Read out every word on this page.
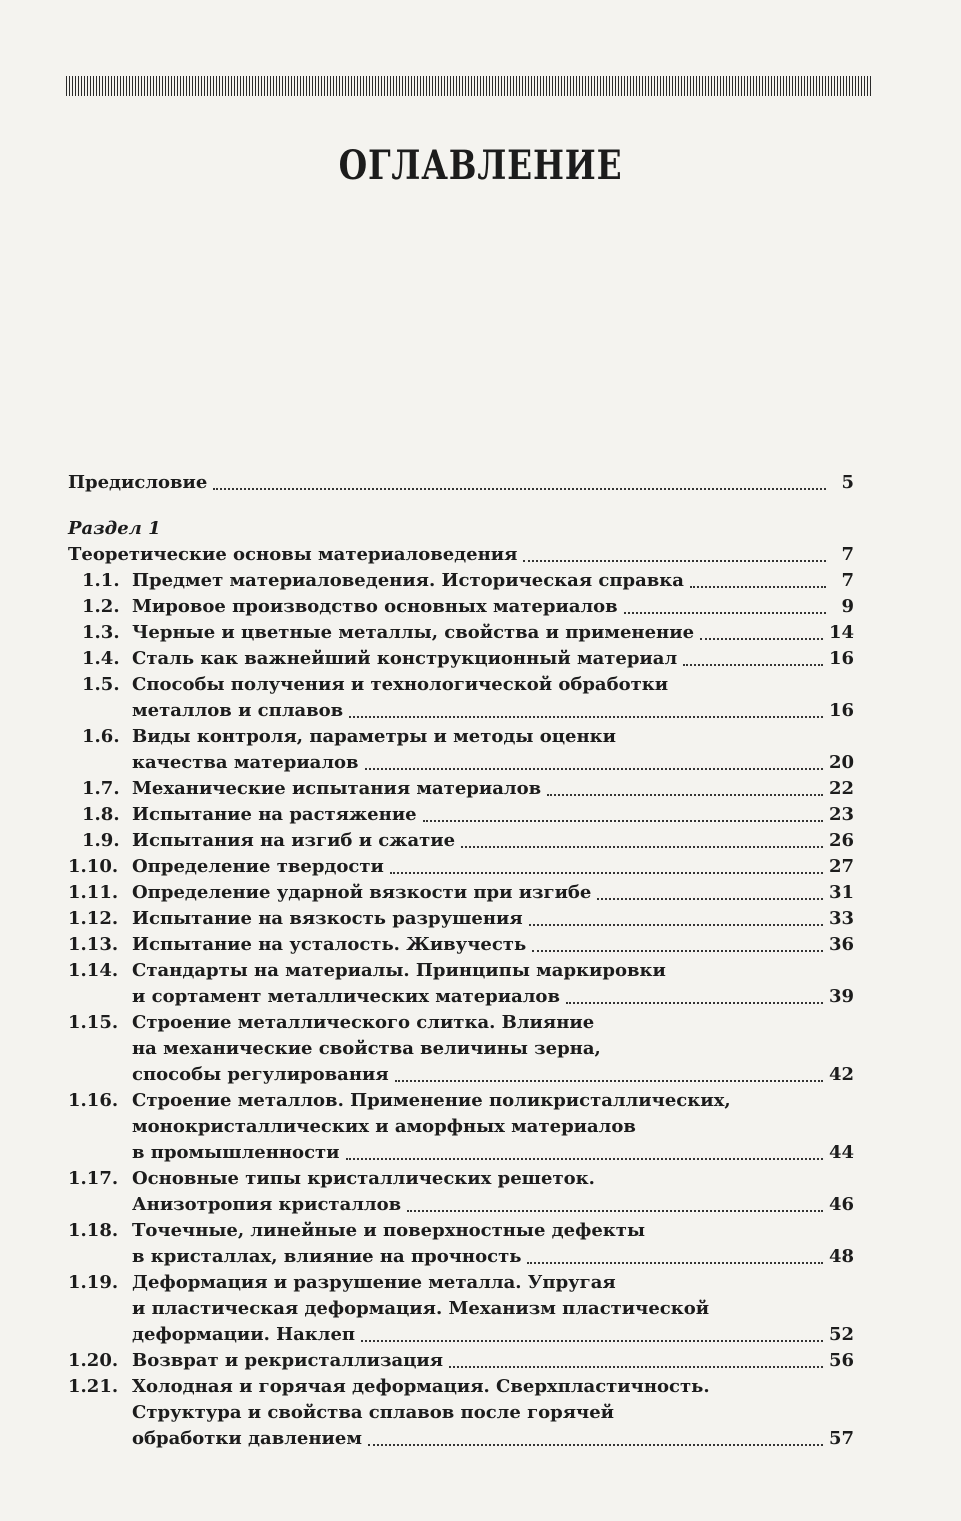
ОГЛАВЛЕНИЕ
Предисловие	5
Раздел 1
Теоретические основы материаловедения	7
1.1. Предмет материаловедения. Историческая справка	7
1.2. Мировое производство основных материалов	9
1.3. Черные и цветные металлы, свойства и применение	14
1.4. Сталь как важнейший конструкционный материал	16
1.5. Способы получения и технологической обработки
металлов и сплавов	16
1.6. Виды контроля, параметры и методы оценки
качества материалов	20
1.7. Механические испытания материалов	22
1.8. Испытание на растяжение	23
1.9. Испытания на изгиб и сжатие	26
1.10. Определение твердости	27
1.11. Определение ударной вязкости при изгибе	31
1.12. Испытание на вязкость разрушения	33
1.13. Испытание на усталость. Живучесть	36
1.14. Стандарты на материалы. Принципы маркировки
и сортамент металлических материалов	39
1.15. Строение металлического слитка. Влияние
на механические свойства величины зерна,
способы регулирования	42
1.16. Строение металлов. Применение поликристаллических,
монокристаллических и аморфных материалов
в промышленности	44
1.17. Основные типы кристаллических решеток.
Анизотропия кристаллов	46
1.18. Точечные, линейные и поверхностные дефекты
в кристаллах, влияние на прочность	48
1.19. Деформация и разрушение металла. Упругая
и пластическая деформация. Механизм пластической
деформации. Наклеп	52
1.20. Возврат и рекристаллизация	56
1.21. Холодная и горячая деформация. Сверхпластичность.
Структура и свойства сплавов после горячей
обработки давлением	57
